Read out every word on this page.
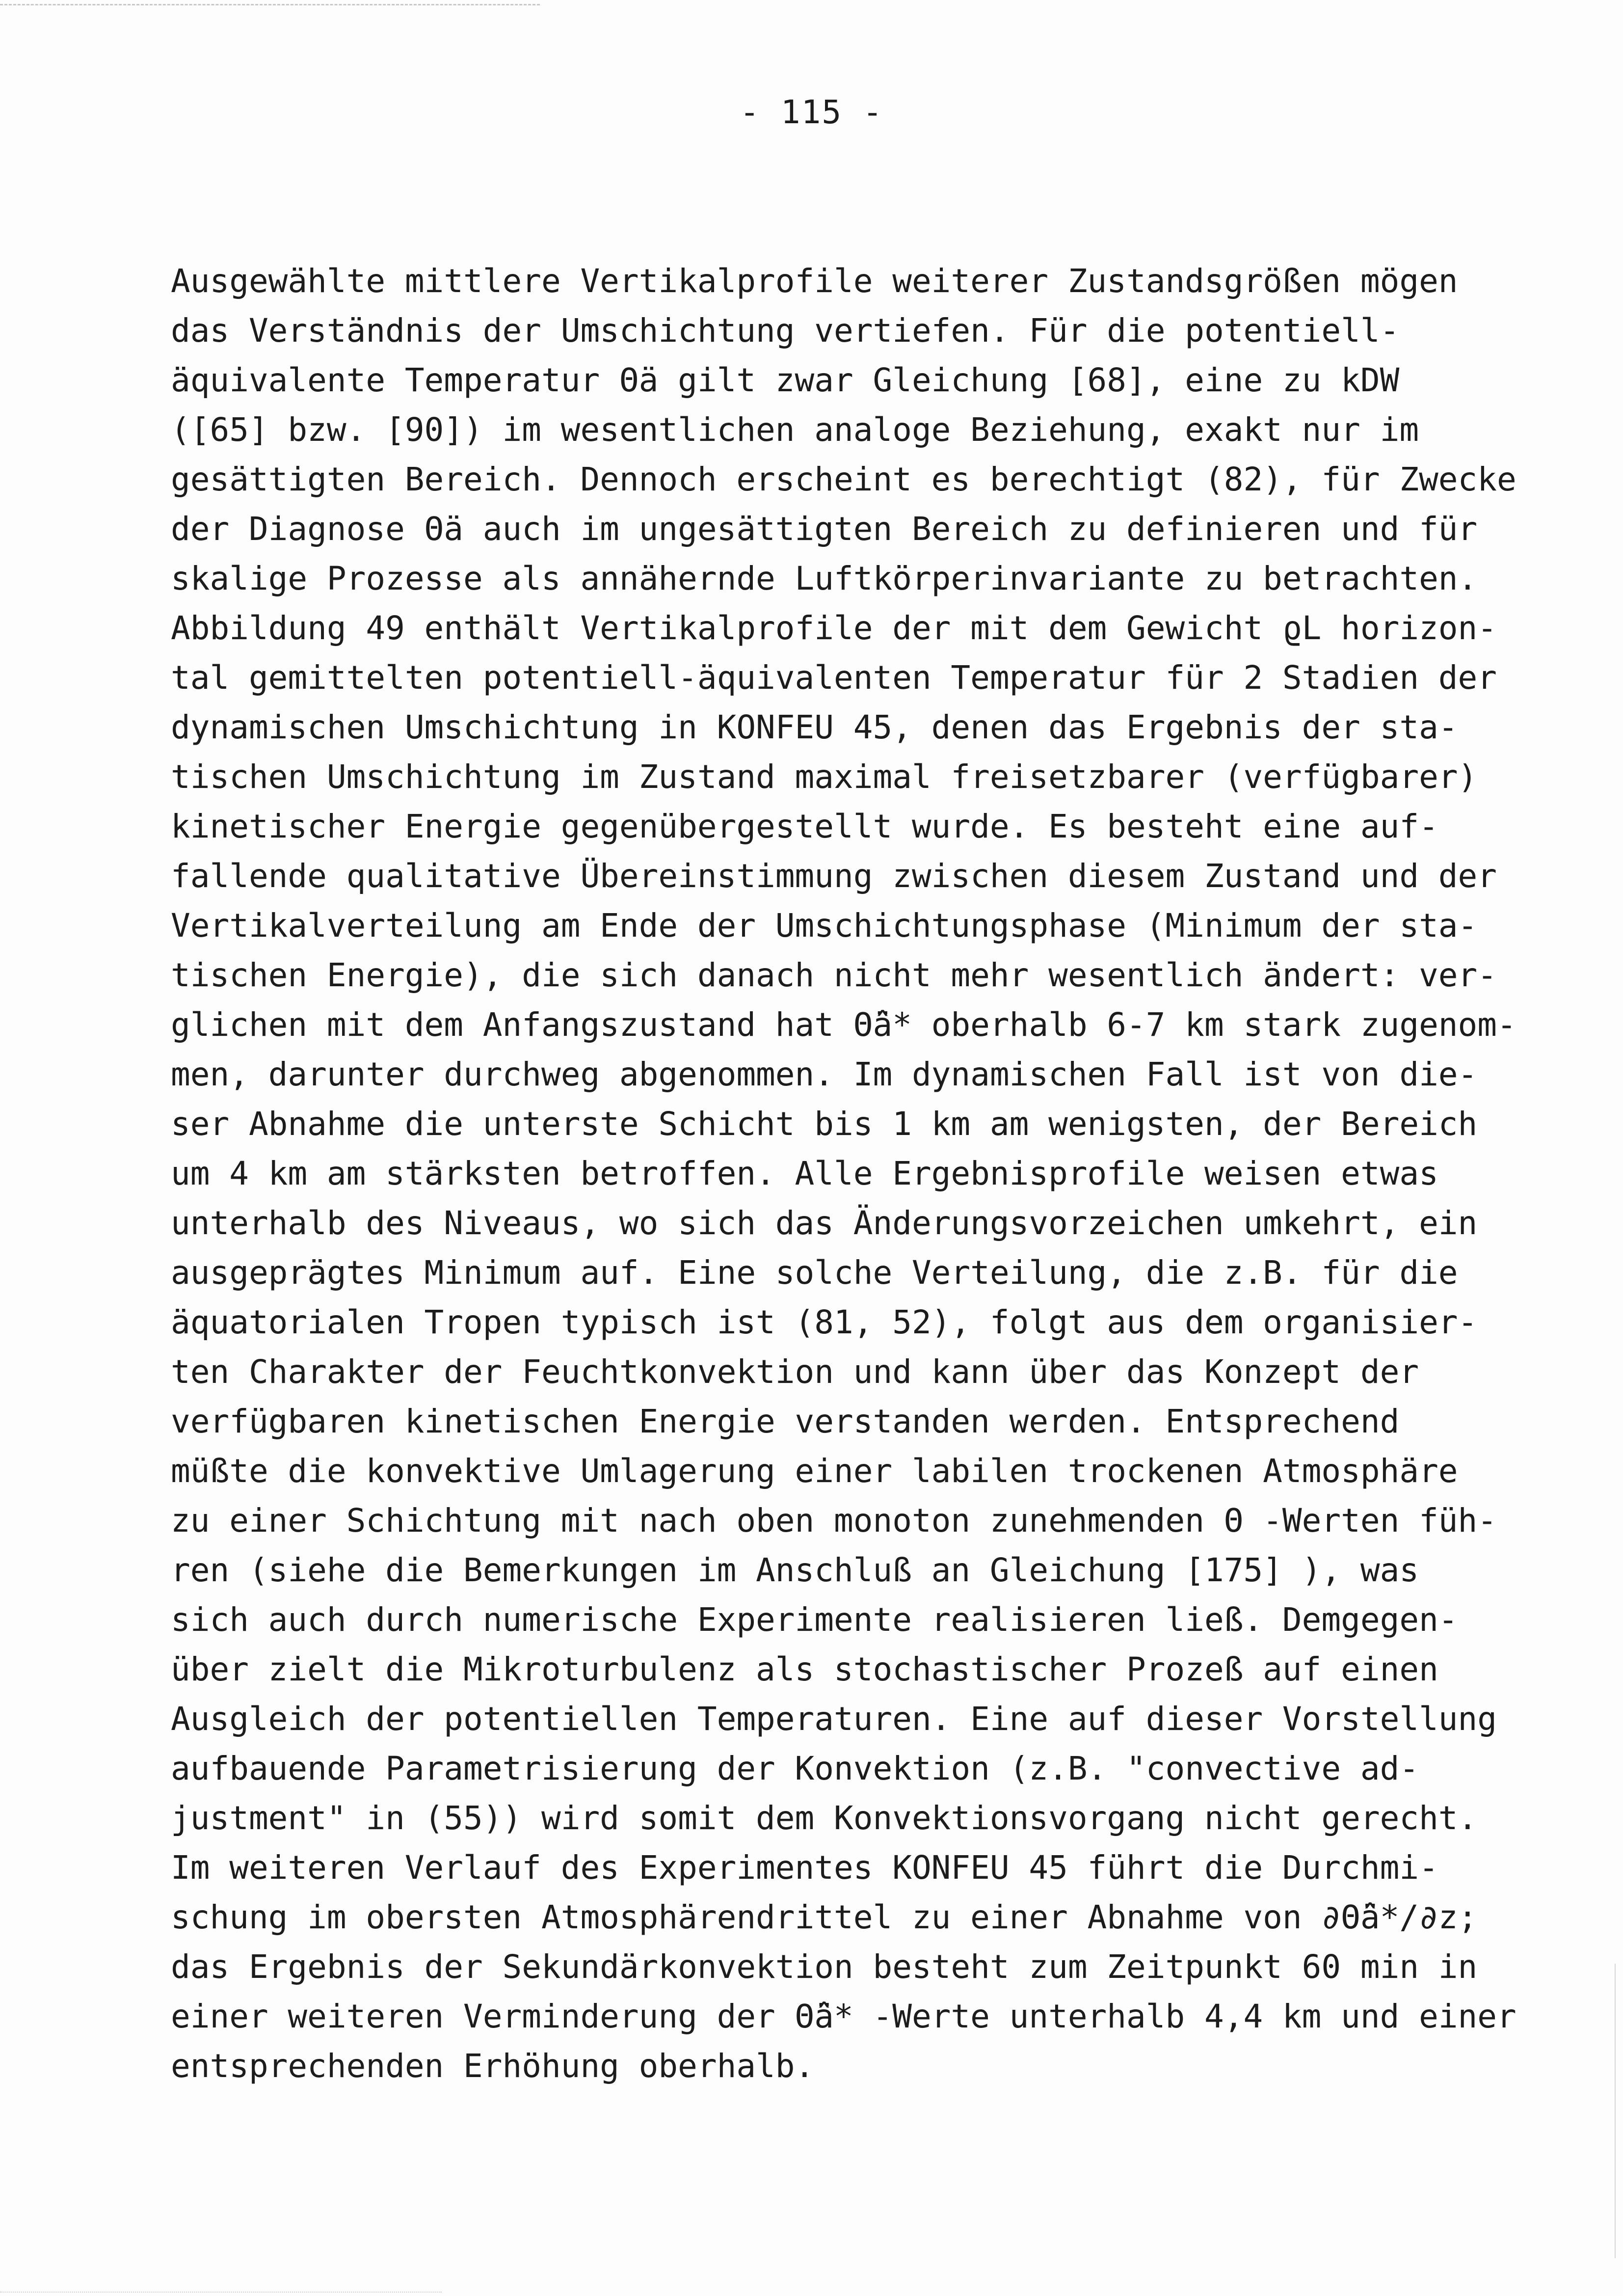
- 115 -
Ausgewählte mittlere Vertikalprofile weiterer Zustandsgrößen mögen
das Verständnis der Umschichtung vertiefen. Für die potentiell-
äquivalente Temperatur Θä gilt zwar Gleichung [68], eine zu kDW
([65] bzw. [90]) im wesentlichen analoge Beziehung, exakt nur im
gesättigten Bereich. Dennoch erscheint es berechtigt (82), für Zwecke
der Diagnose Θä auch im ungesättigten Bereich zu definieren und für
skalige Prozesse als annähernde Luftkörperinvariante zu betrachten.
Abbildung 49 enthält Vertikalprofile der mit dem Gewicht ϱL horizon-
tal gemittelten potentiell-äquivalenten Temperatur für 2 Stadien der
dynamischen Umschichtung in KONFEU 45, denen das Ergebnis der sta-
tischen Umschichtung im Zustand maximal freisetzbarer (verfügbarer)
kinetischer Energie gegenübergestellt wurde. Es besteht eine auf-
fallende qualitative Übereinstimmung zwischen diesem Zustand und der
Vertikalverteilung am Ende der Umschichtungsphase (Minimum der sta-
tischen Energie), die sich danach nicht mehr wesentlich ändert: ver-
glichen mit dem Anfangszustand hat Θ̂ä* oberhalb 6-7 km stark zugenom-
men, darunter durchweg abgenommen. Im dynamischen Fall ist von die-
ser Abnahme die unterste Schicht bis 1 km am wenigsten, der Bereich
um 4 km am stärksten betroffen. Alle Ergebnisprofile weisen etwas
unterhalb des Niveaus, wo sich das Änderungsvorzeichen umkehrt, ein
ausgeprägtes Minimum auf. Eine solche Verteilung, die z.B. für die
äquatorialen Tropen typisch ist (81, 52), folgt aus dem organisier-
ten Charakter der Feuchtkonvektion und kann über das Konzept der
verfügbaren kinetischen Energie verstanden werden. Entsprechend
müßte die konvektive Umlagerung einer labilen trockenen Atmosphäre
zu einer Schichtung mit nach oben monoton zunehmenden Θ -Werten füh-
ren (siehe die Bemerkungen im Anschluß an Gleichung [175] ), was
sich auch durch numerische Experimente realisieren ließ. Demgegen-
über zielt die Mikroturbulenz als stochastischer Prozeß auf einen
Ausgleich der potentiellen Temperaturen. Eine auf dieser Vorstellung
aufbauende Parametrisierung der Konvektion (z.B. "convective ad-
justment" in (55)) wird somit dem Konvektionsvorgang nicht gerecht.
Im weiteren Verlauf des Experimentes KONFEU 45 führt die Durchmi-
schung im obersten Atmosphärendrittel zu einer Abnahme von ∂Θ̂ä*/∂z;
das Ergebnis der Sekundärkonvektion besteht zum Zeitpunkt 60 min in
einer weiteren Verminderung der Θ̂ä* -Werte unterhalb 4,4 km und einer
entsprechenden Erhöhung oberhalb.
